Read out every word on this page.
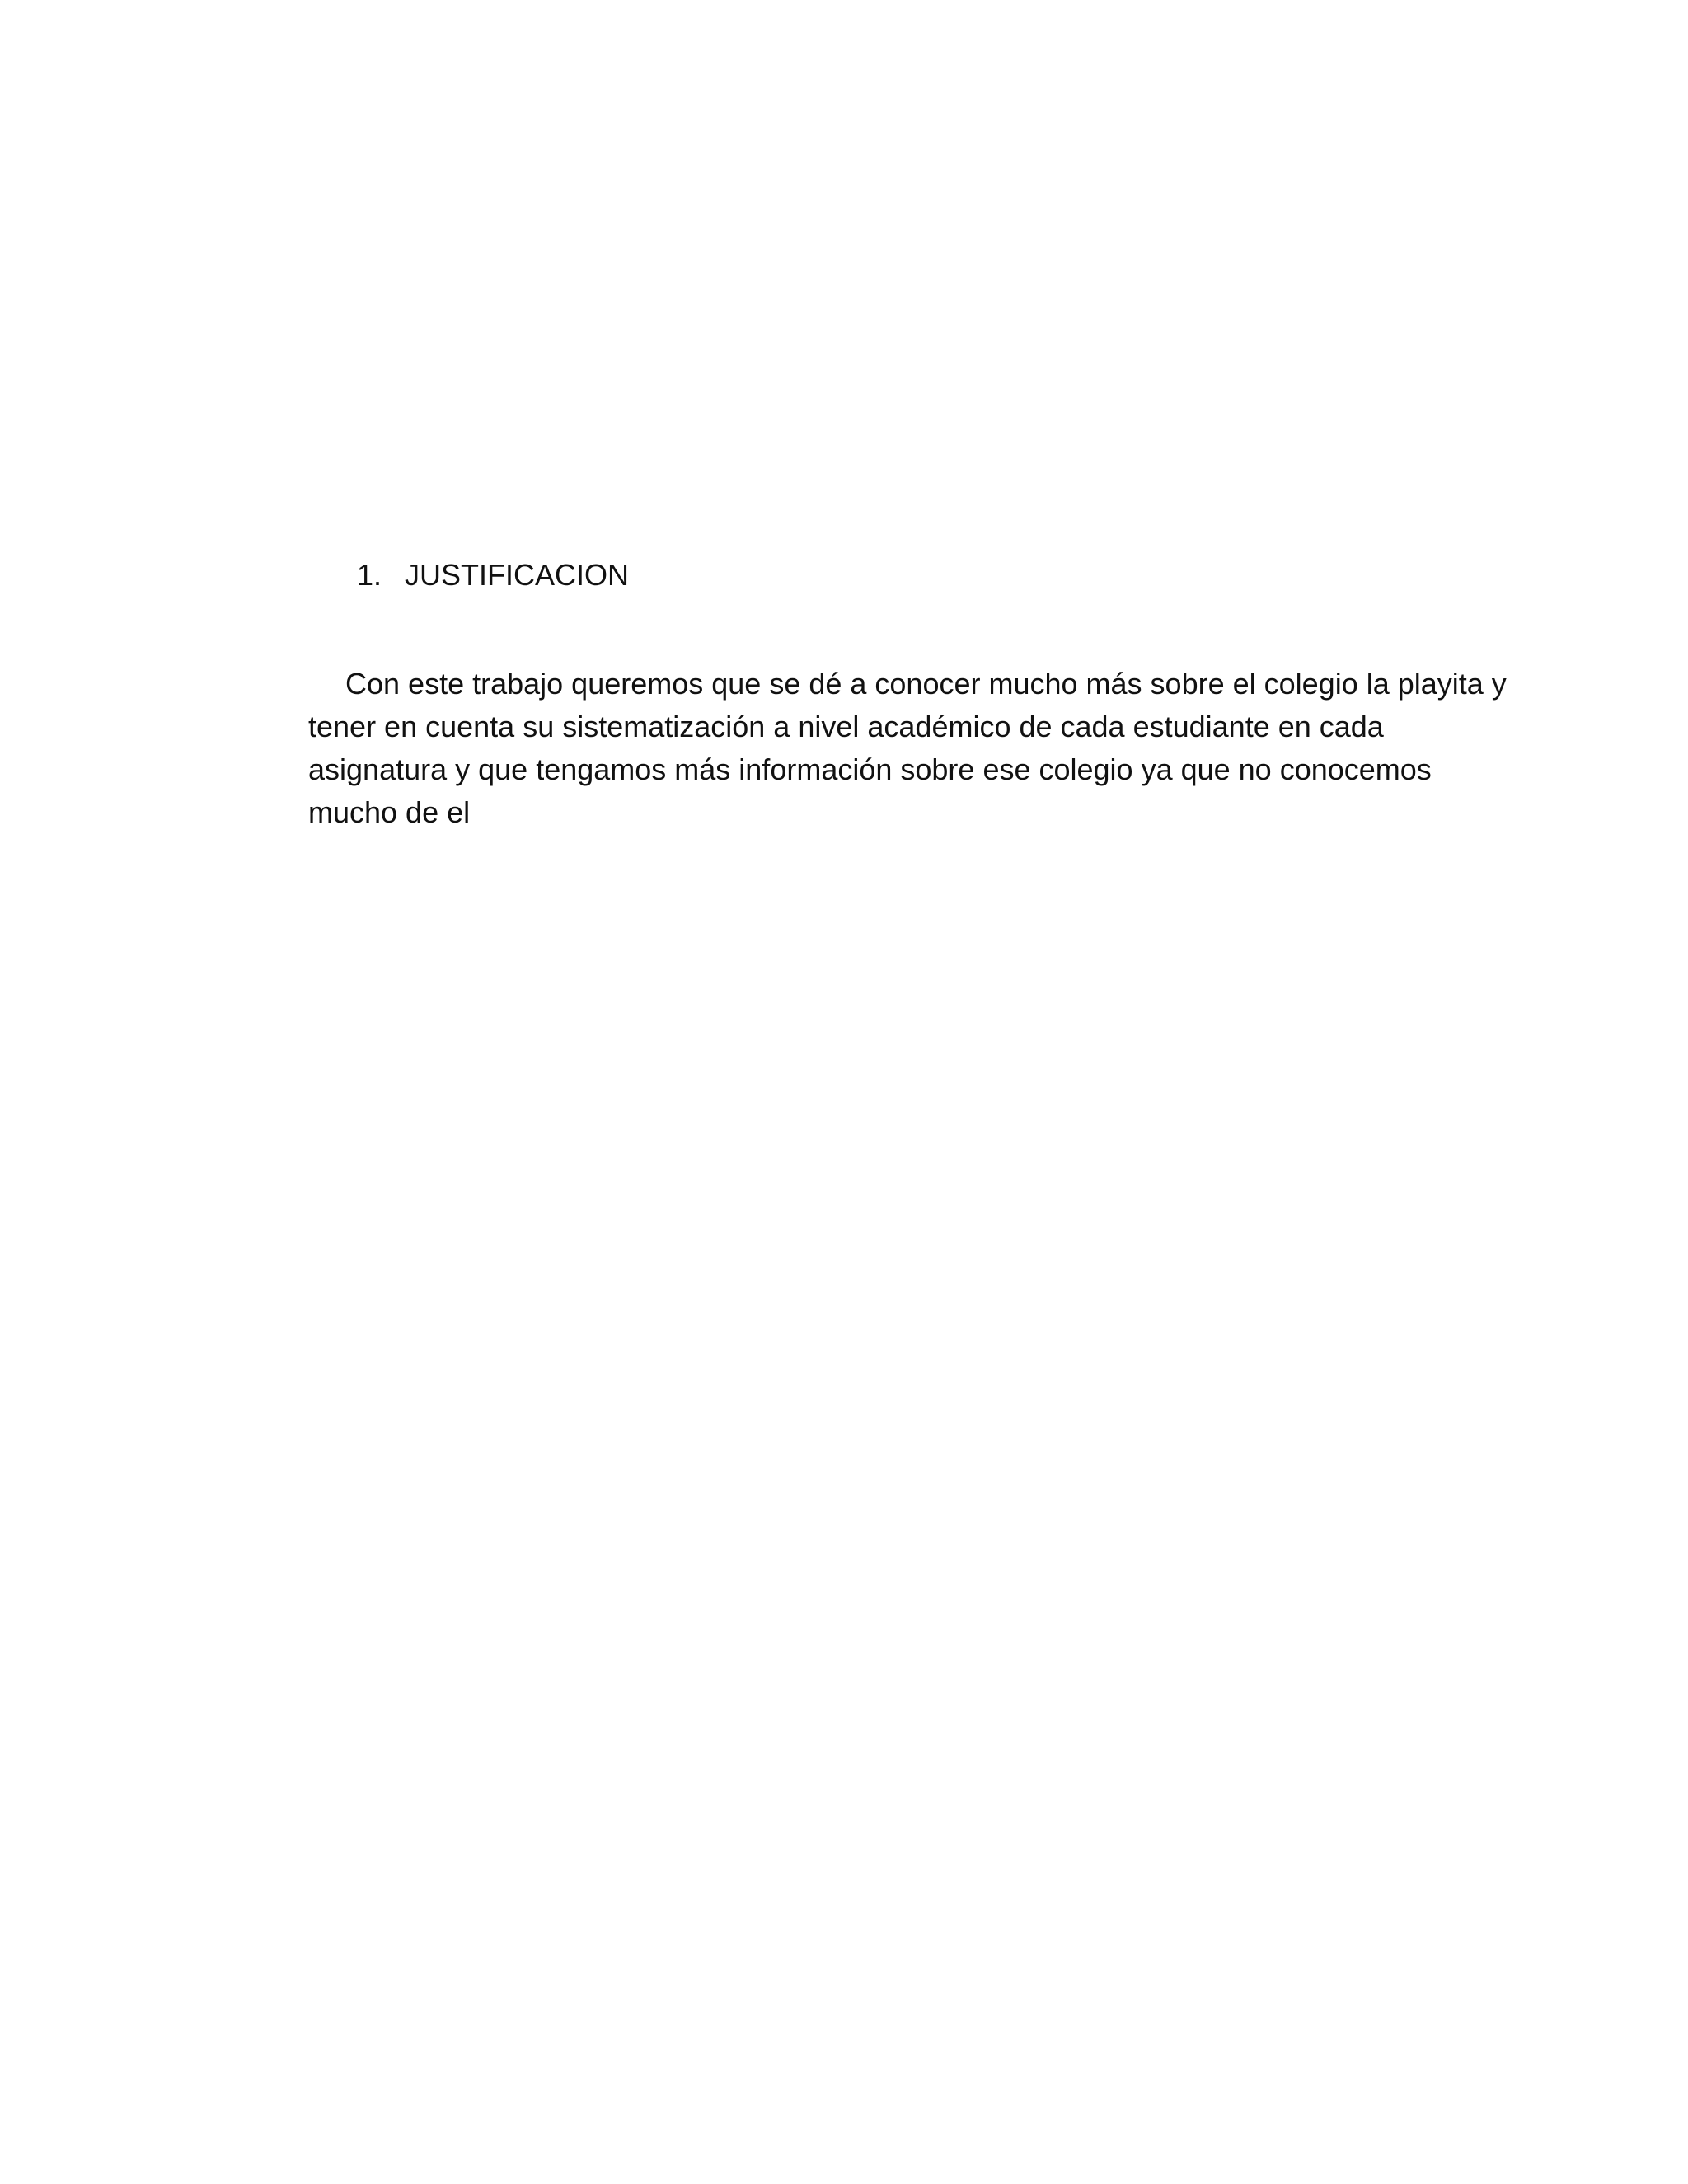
1. JUSTIFICACION
Con este trabajo queremos que se dé a conocer mucho más sobre el colegio la playita y
tener en cuenta su sistematización a nivel académico de cada estudiante en cada
asignatura y que tengamos más información sobre ese colegio ya que no conocemos
mucho de el
